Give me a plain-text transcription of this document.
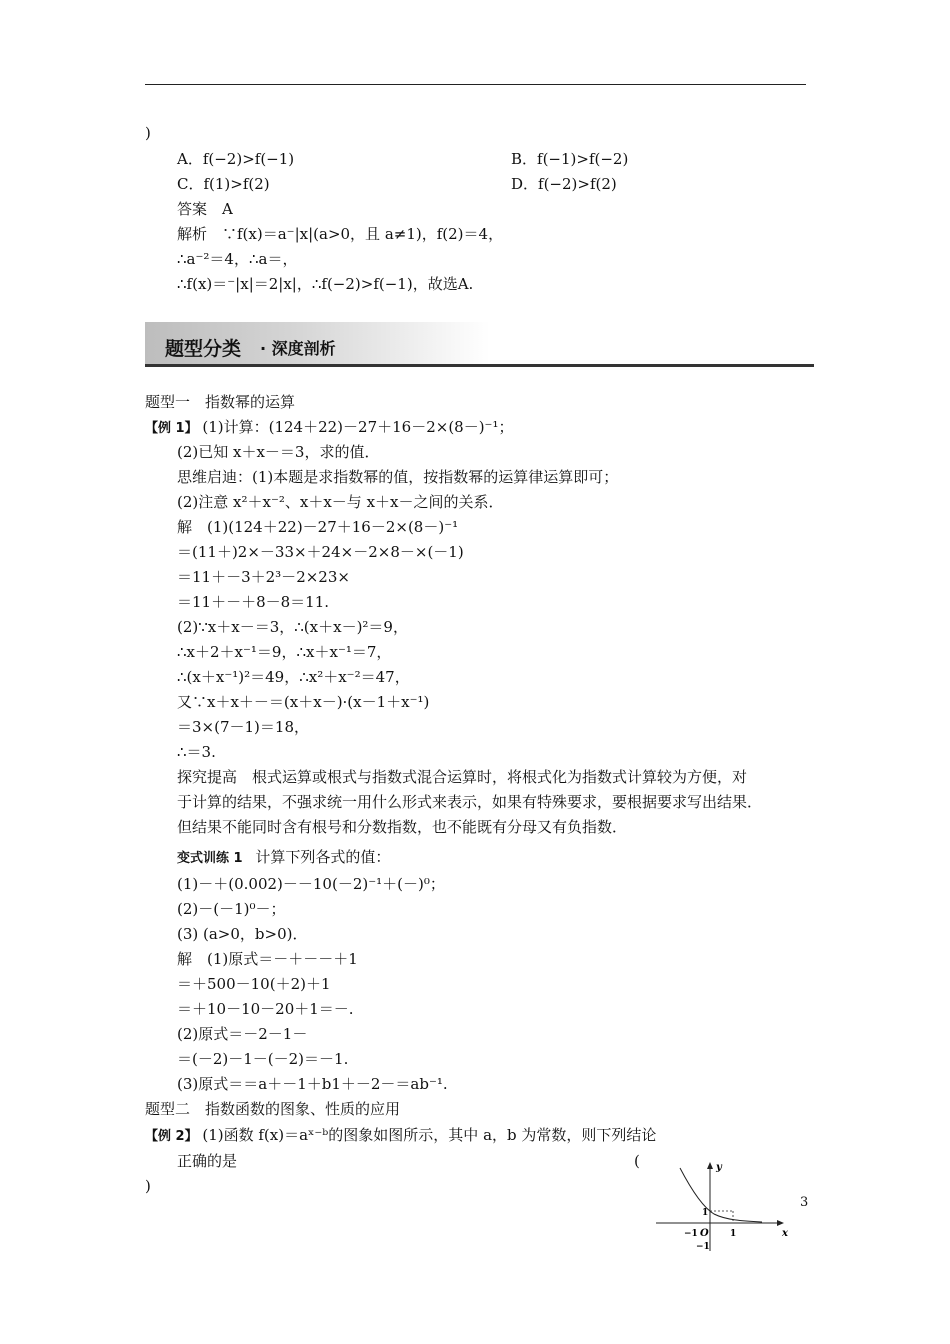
)
A．f(−2)>f(−1)	B．f(−1)>f(−2)
C．f(1)>f(2)	D．f(−2)>f(2)
答案　A
解析　∵f(x)＝a⁻|x|(a>0，且 a≠1)，f(2)＝4，
∴a⁻²＝4，∴a＝，
∴f(x)＝⁻|x|＝2|x|，∴f(−2)>f(−1)，故选A.
题型分类 · 深度剖析
题型一　指数幂的运算
【例 1】 (1)计算：(124＋22)－27＋16－2×(8－)⁻¹；
(2)已知 x＋x－＝3，求的值．
思维启迪：(1)本题是求指数幂的值，按指数幂的运算律运算即可；
(2)注意 x²＋x⁻²、x＋x－与 x＋x－之间的关系．
解　(1)(124＋22)－27＋16－2×(8－)⁻¹
＝(11＋)2×－33×＋24×－2×8－×(－1)
＝11＋－3＋2³－2×23×
＝11＋－＋8－8＝11.
(2)∵x＋x－＝3，∴(x＋x－)²＝9，
∴x＋2＋x⁻¹＝9，∴x＋x⁻¹＝7，
∴(x＋x⁻¹)²＝49，∴x²＋x⁻²＝47，
又∵x＋x＋－＝(x＋x－)·(x－1＋x⁻¹)
＝3×(7－1)＝18，
∴＝3.
探究提高　根式运算或根式与指数式混合运算时，将根式化为指数式计算较为方便，对
于计算的结果，不强求统一用什么形式来表示，如果有特殊要求，要根据要求写出结果．
但结果不能同时含有根号和分数指数，也不能既有分母又有负指数．
变式训练 1 计算下列各式的值：
(1)－＋(0.002)－－10(－2)⁻¹＋(－)⁰；
(2)－(－1)⁰－；
(3) (a>0，b>0)．
解　(1)原式＝－＋－－＋1
＝＋500－10(＋2)＋1
＝＋10－10－20＋1＝－.
(2)原式＝－2－1－
＝(－2)－1－(－2)＝－1.
(3)原式＝＝a＋－1＋b1＋－2－＝ab⁻¹.
题型二　指数函数的图象、性质的应用
【例 2】 (1)函数 f(x)＝aˣ⁻ᵇ的图象如图所示，其中 a，b 为常数，则下列结论
正确的是	(
)
y
x
O
−1	1
1
−1
3
